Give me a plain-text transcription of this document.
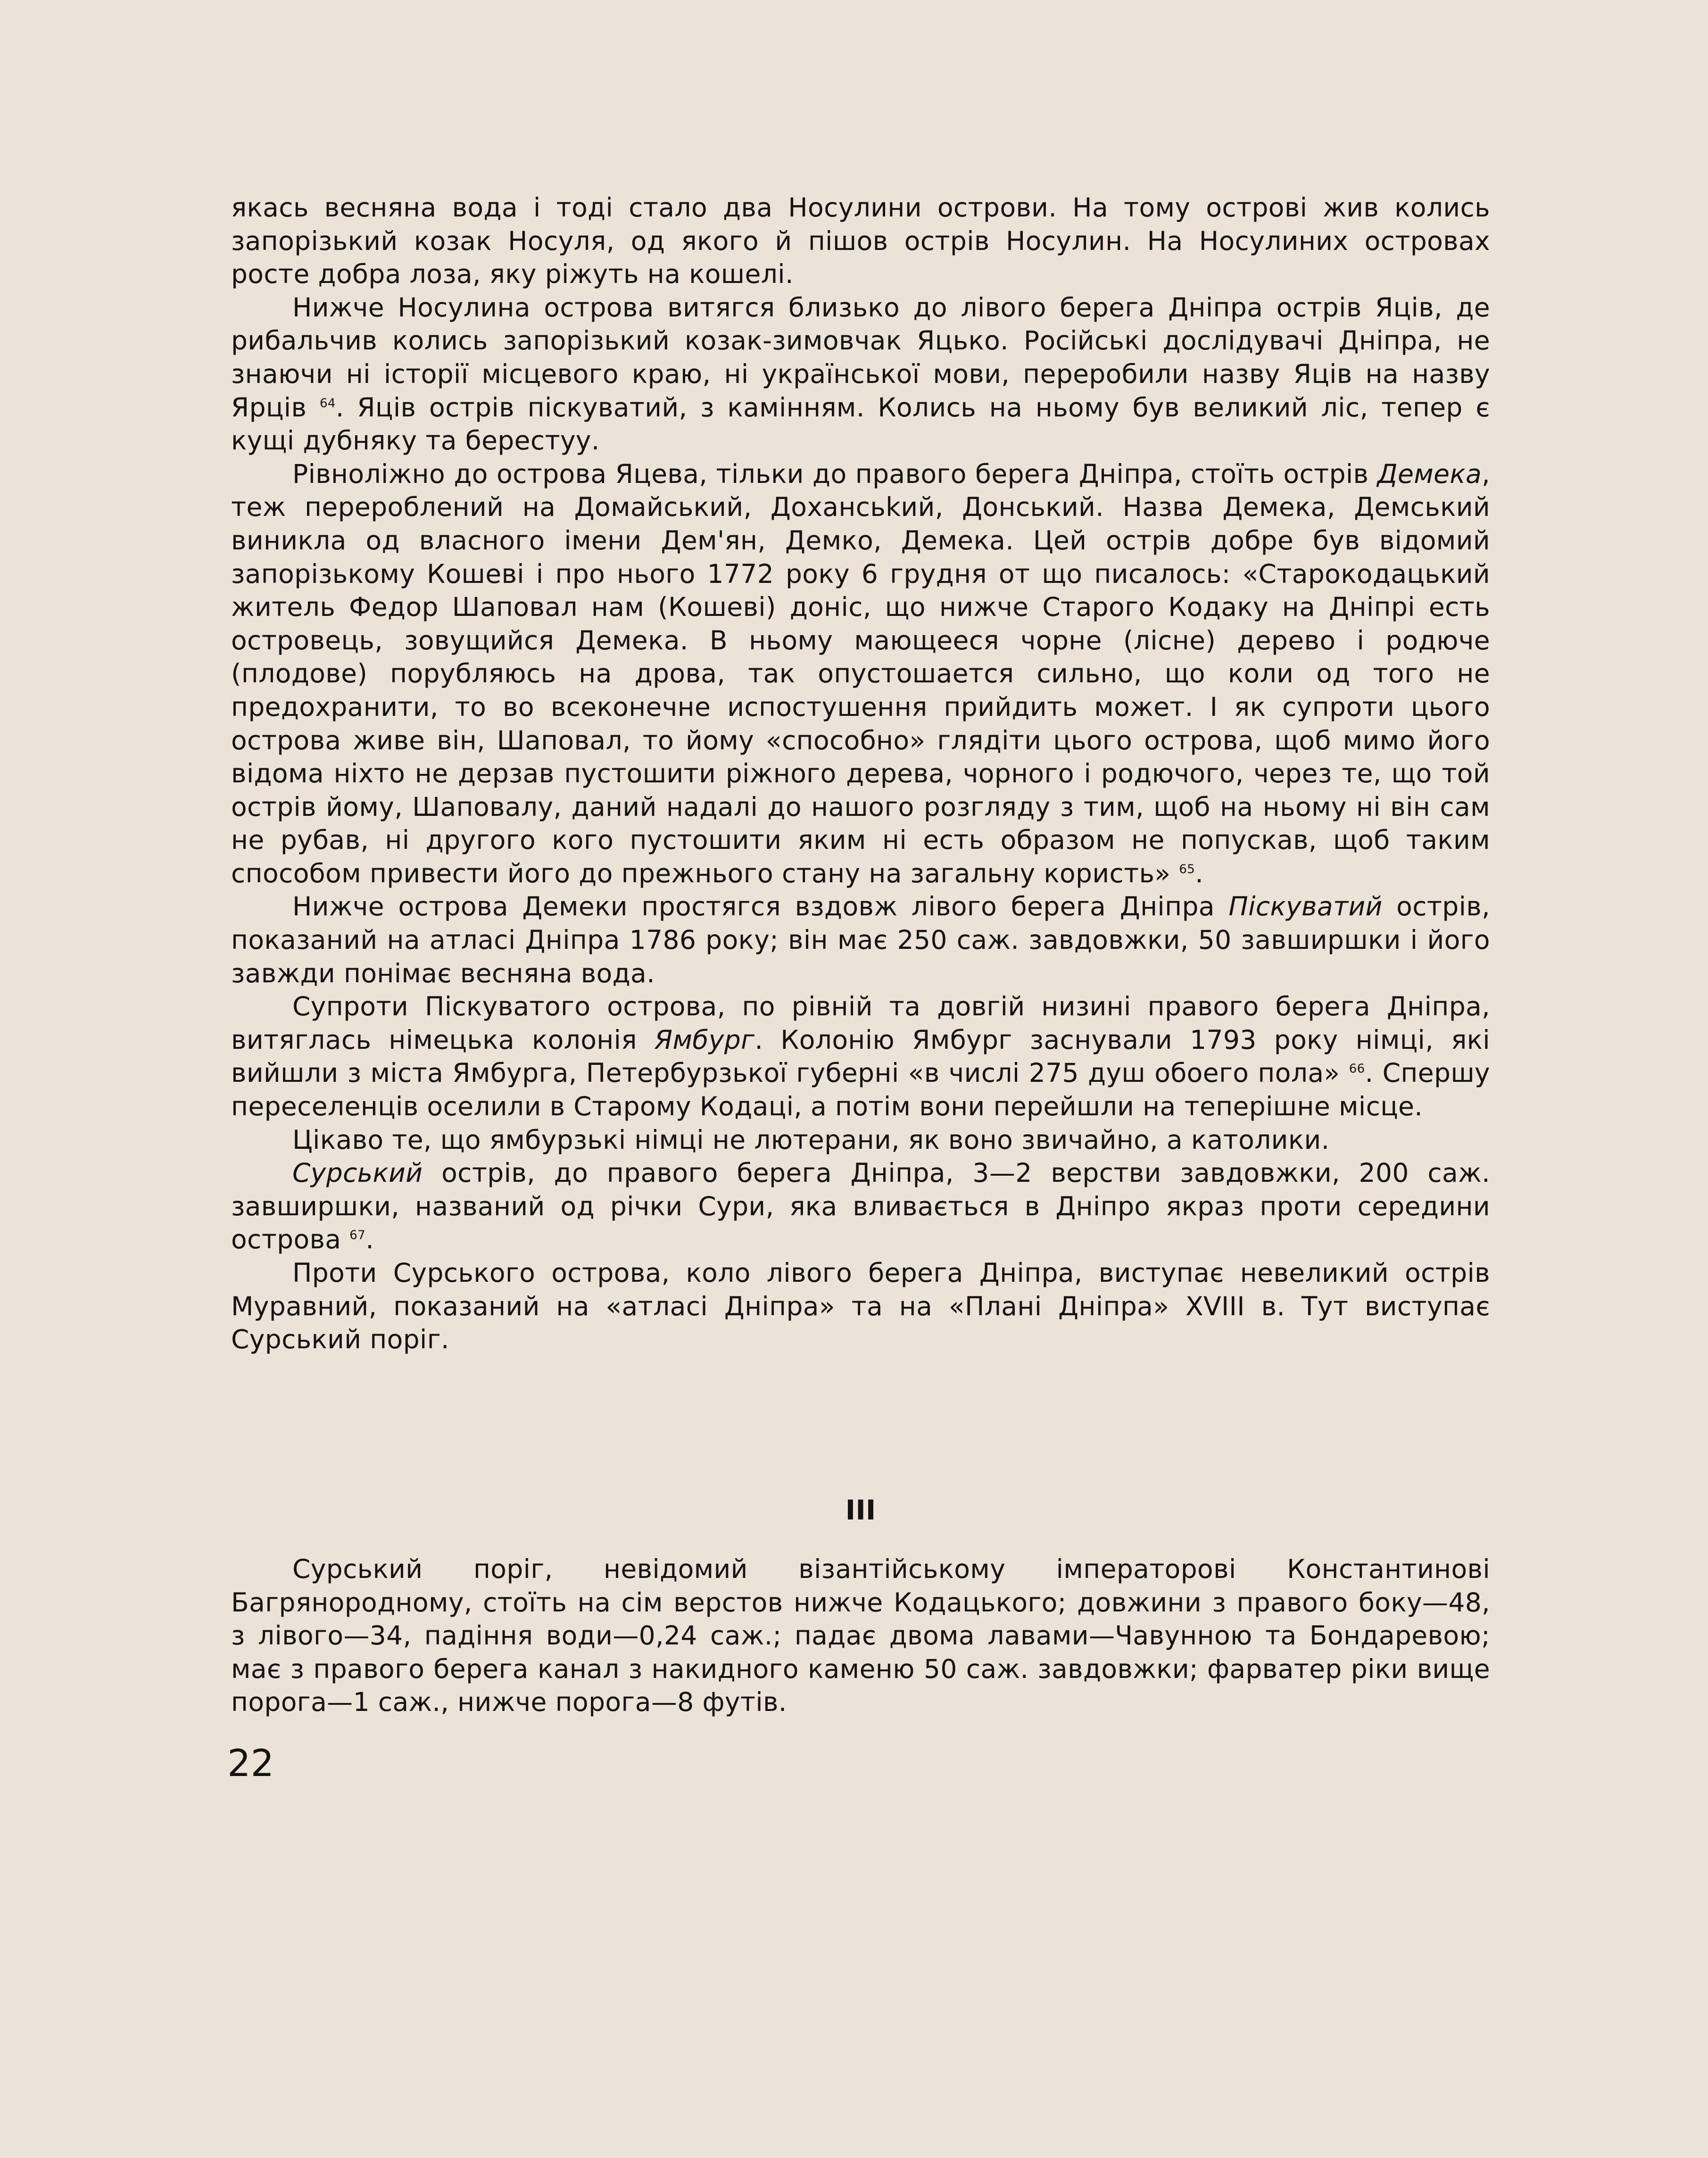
якась весняна вода і тоді стало два Носулини острови. На тому острові жив колись запорізький козак Носуля, од якого й пішов острів Носулин. На Носулиних островах росте добра лоза, яку ріжуть на кошелі.

Нижче Носулина острова витягся близько до лівого берега Дніпра острів Яців, де рибальчив колись запорізький козак-зимовчак Яцько. Російські дослідувачі Дніпра, не знаючи ні історії місцевого краю, ні української мови, переробили назву Яців на назву Ярців $^{64}$. Яців острів піскуватий, з камінням. Колись на ньому був великий ліс, тепер є кущі дубняку та берестуу.

Рівноліжно до острова Яцева, тільки до правого берега Дніпра, стоїть острів Демека, теж перероблений на Домайський, Дохансьkий, Донський. Назва Демека, Демський виникла од власного імени Дем'ян, Демко, Демека. Цей острів добре був відомий запорізькому Кошеві і про нього 1772 року 6 грудня от що писалось: «Старокодацький житель Федор Шаповал нам (Кошеві) доніс, що нижче Старого Кодаку на Дніпрі есть островець, зовущийся Демека. В ньому мающееся чорне (лісне) дерево і родюче (плодове) порубляюсь на дрова, так опустошается сильно, що коли од того не предохранити, то во всеконечне испостушення прийдить может. І як супроти цього острова живе він, Шаповал, то йому «способно» глядіти цього острова, щоб мимо його відома ніхто не дерзав пустошити ріжного дерева, чорного і родючого, через те, що той острів йому, Шаповалу, даний надалі до нашого розгляду з тим, щоб на ньому ні він сам не рубав, ні другого кого пустошити яким ні есть образом не попускав, щоб таким способом привести його до прежнього стану на загальну користь» $^{65}$.

Нижче острова Демеки простягся вздовж лівого берега Дніпра Піскуватий острів, показаний на атласі Дніпра 1786 року; він має 250 саж. завдовжки, 50 завширшки і його завжди понімає весняна вода.

Супроти Піскуватого острова, по рівній та довгій низині правого берега Дніпра, витяглась німецька колонія Ямбург. Колонію Ямбург заснували 1793 року німці, які вийшли з міста Ямбурга, Петербурзької губерні «в числі 275 душ обоего пола» $^{66}$. Спершу переселенців оселили в Старому Кодаці, а потім вони перейшли на теперішне місце.

Цікаво те, що ямбурзькі німці не лютерани, як воно звичайно, а католики.

Сурський острів, до правого берега Дніпра, 3—2 верстви завдовжки, 200 саж. завширшки, названий од річки Сури, яка вливається в Дніпро якраз проти середини острова $^{67}$.

Проти Сурського острова, коло лівого берега Дніпра, виступає невеликий острів Муравний, показаний на «атласі Дніпра» та на «Плані Дніпра» XVIII в. Тут виступає Сурський поріг.

III

Сурський поріг, невідомий візантійському імператорові Константинові Багрянородному, стоїть на сім верстов нижче Кодацького; довжини з правого боку—48, з лівого—34, падіння води—0,24 саж.; падає двома лавами—Чавунною та Бондаревою; має з правого берега канал з накидного каменю 50 саж. завдовжки; фарватер ріки вище порога—1 саж., нижче порога—8 футів.

22
